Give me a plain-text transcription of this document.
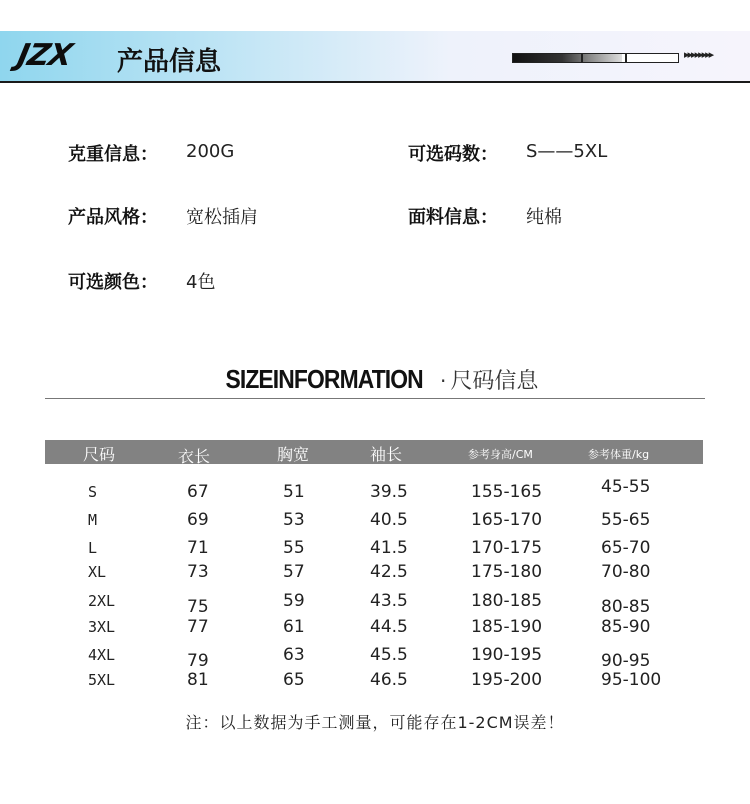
JZX 产品信息	▸▸▸▸▸▸▸▸
克重信息： 200G	可选码数： S——5XL
产品风格： 宽松插肩	面料信息： 纯棉
可选颜色： 4色
SIZEINFORMATION · 尺码信息
尺码	衣长	胸宽	袖长	参考身高/CM	参考体重/kg
S	67	51	39.5	155-165	45-55
M	69	53	40.5	165-170	55-65
L	71	55	41.5	170-175	65-70
XL	73	57	42.5	175-180	70-80
2XL	75	59	43.5	180-185	80-85
3XL	77	61	44.5	185-190	85-90
4XL	79	63	45.5	190-195	90-95
5XL	81	65	46.5	195-200	95-100
注：以上数据为手工测量，可能存在1-2CM误差！
